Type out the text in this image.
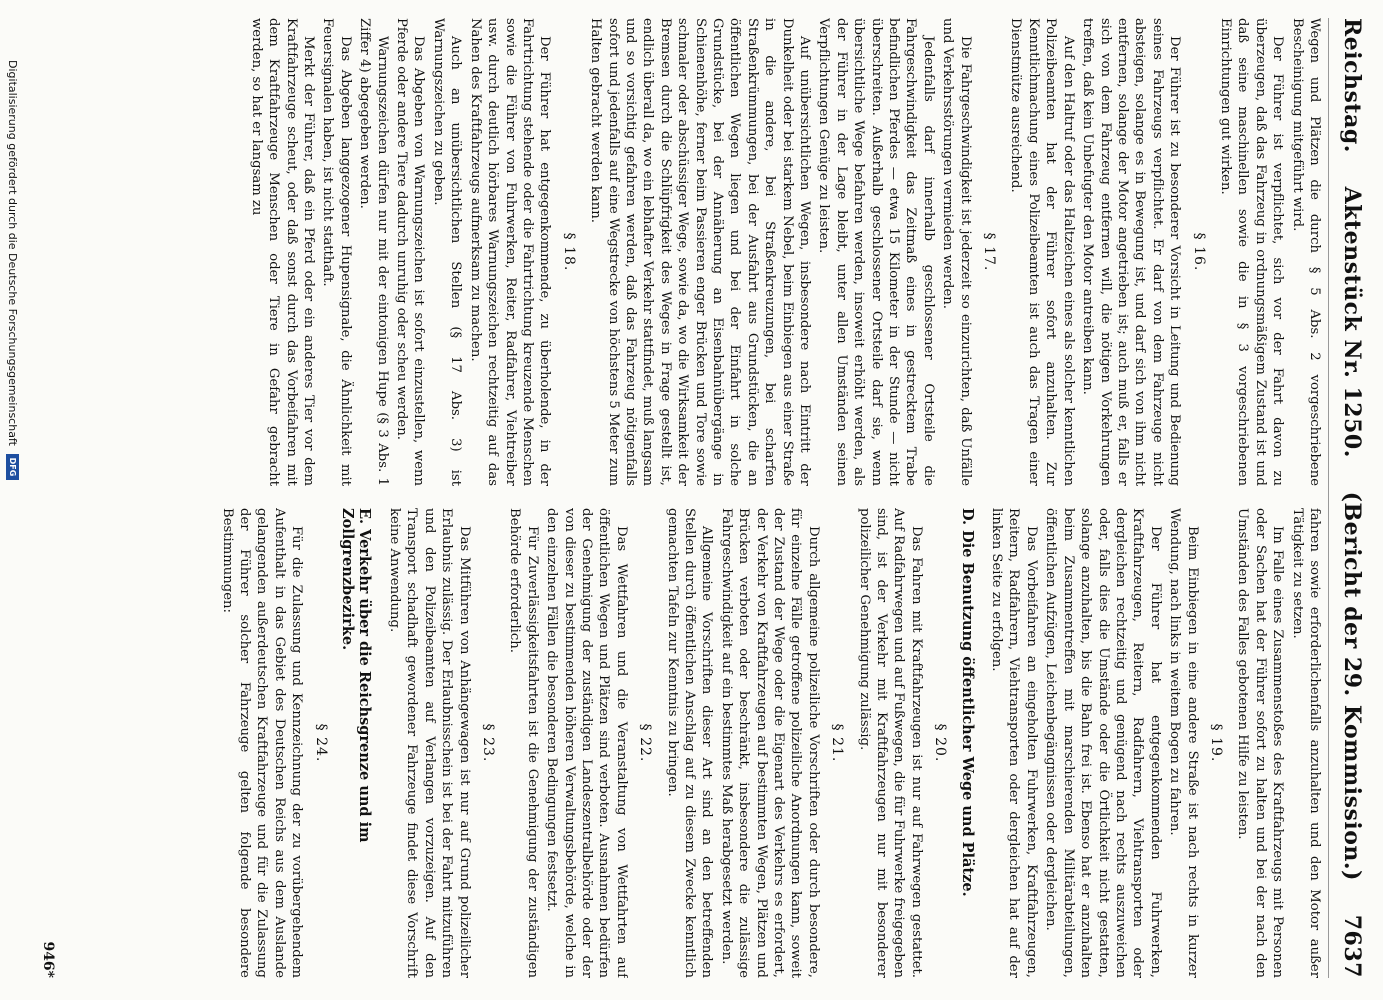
Reichstag.
Aktenstück Nr. 1250.
(Bericht der 29. Kommission.)
7637

Wegen und Plätzen die durch § 5 Abs. 2 vorgeschriebene Bescheinigung mitgeführt wird.

Der Führer ist verpflichtet, sich vor der Fahrt davon zu überzeugen, daß das Fahrzeug in ordnungsmäßigem Zustand ist und daß seine maschinellen sowie die in § 3 vorgeschriebenen Einrichtungen gut wirken.

§ 16.

Der Führer ist zu besonderer Vorsicht in Leitung und Bedienung seines Fahrzeugs verpflichtet. Er darf von dem Fahrzeuge nicht absteigen, solange es in Bewegung ist, und darf sich von ihm nicht entfernen, solange der Motor angetrieben ist; auch muß er, falls er sich von dem Fahrzeug entfernen will, die nötigen Vorkehrungen treffen, daß kein Unbefugter den Motor antreiben kann.

Auf den Haltruf oder das Haltzeichen eines als solcher kenntlichen Polizeibeamten hat der Führer sofort anzuhalten. Zur Kenntlichmachung eines Polizeibeamten ist auch das Tragen einer Dienstmütze ausreichend.

§ 17.

Die Fahrgeschwindigkeit ist jederzeit so einzurichten, daß Unfälle und Verkehrsstörungen vermieden werden.

Jedenfalls darf innerhalb geschlossener Ortsteile die Fahrgeschwindigkeit das Zeitmaß eines in gestrecktem Trabe befindlichen Pferdes — etwa 15 Kilometer in der Stunde — nicht überschreiten. Außerhalb geschlossener Ortsteile darf sie, wenn übersichtliche Wege befahren werden, insoweit erhöht werden, als der Führer in der Lage bleibt, unter allen Umständen seinen Verpflichtungen Genüge zu leisten.

Auf unübersichtlichen Wegen, insbesondere nach Eintritt der Dunkelheit oder bei starkem Nebel, beim Einbiegen aus einer Straße in die andere, bei Straßenkreuzungen, bei scharfen Straßenkrümmungen, bei der Ausfahrt aus Grundstücken, die an öffentlichen Wegen liegen und bei der Einfahrt in solche Grundstücke, bei der Annäherung an Eisenbahnübergänge in Schienenhöhe, ferner beim Passieren enger Brücken und Tore sowie schmaler oder abschüssiger Wege, sowie da, wo die Wirksamkeit der Bremsen durch die Schlüpfrigkeit des Weges in Frage gestellt ist, endlich überall da, wo ein lebhafter Verkehr stattfindet, muß langsam und so vorsichtig gefahren werden, daß das Fahrzeug nötigenfalls sofort und jedenfalls auf eine Wegstrecke von höchstens 5 Meter zum Halten gebracht werden kann.

§ 18.

Der Führer hat entgegenkommende, zu überholende, in der Fahrtrichtung stehende oder die Fahrtrichtung kreuzende Menschen sowie die Führer von Fuhrwerken, Reiter, Radfahrer, Viehtreiber usw. durch deutlich hörbares Warnungszeichen rechtzeitig auf das Nahen des Kraftfahrzeugs aufmerksam zu machen.

Auch an unübersichtlichen Stellen (§ 17 Abs. 3) ist Warnungszeichen zu geben.

Das Abgeben von Warnungszeichen ist sofort einzustellen, wenn Pferde oder andere Tiere dadurch unruhig oder scheu werden.

Warnungszeichen dürfen nur mit der eintonigen Hupe (§ 3 Abs. 1 Ziffer 4) abgegeben werden.

Das Abgeben langgezogener Hupensignale, die Ähnlichkeit mit Feuersignalen haben, ist nicht statthaft.

Merkt der Führer, daß ein Pferd oder ein anderes Tier vor dem Kraftfahrzeuge scheut, oder daß sonst durch das Vorbeifahren mit dem Kraftfahrzeuge Menschen oder Tiere in Gefahr gebracht werden, so hat er langsam zu

fahren sowie erforderlichenfalls anzuhalten und den Motor außer Tätigkeit zu setzen.

Im Falle eines Zusammenstoßes des Kraftfahrzeugs mit Personen oder Sachen hat der Führer sofort zu halten und bei der nach den Umständen des Falles gebotenen Hilfe zu leisten.

§ 19.

Beim Einbiegen in eine andere Straße ist nach rechts in kurzer Wendung, nach links in weitem Bogen zu fahren.

Der Führer hat entgegenkommenden Fuhrwerken, Kraftfahrzeugen, Reitern, Radfahrern, Viehtransporten oder dergleichen rechtzeitig und genügend nach rechts auszuweichen oder, falls dies die Umstände oder die Örtlichkeit nicht gestatten, solange anzuhalten, bis die Bahn frei ist. Ebenso hat er anzuhalten beim Zusammentreffen mit marschierenden Militärabteilungen, öffentlichen Aufzügen, Leichenbegängnissen oder dergleichen.

Das Vorbeifahren an eingeholten Fuhrwerken, Kraftfahrzeugen, Reitern, Radfahrern, Viehtransporten oder dergleichen hat auf der linken Seite zu erfolgen.

D. Die Benutzung öffentlicher Wege und Plätze.
§ 20.

Das Fahren mit Kraftfahrzeugen ist nur auf Fahrwegen gestattet. Auf Radfahrwegen und auf Fußwegen, die für Fuhrwerke freigegeben sind, ist der Verkehr mit Kraftfahrzeugen nur mit besonderer polizeilicher Genehmigung zulässig.

§ 21.

Durch allgemeine polizeiliche Vorschriften oder durch besondere, für einzelne Fälle getroffene polizeiliche Anordnungen kann, soweit der Zustand der Wege oder die Eigenart des Verkehrs es erfordert, der Verkehr von Kraftfahrzeugen auf bestimmten Wegen, Plätzen und Brücken verboten oder beschränkt, insbesondere die zulässige Fahrgeschwindigkeit auf ein bestimmtes Maß herabgesetzt werden.

Allgemeine Vorschriften dieser Art sind an den betreffenden Stellen durch öffentlichen Anschlag auf zu diesem Zwecke kenntlich gemachten Tafeln zur Kenntnis zu bringen.

§ 22.

Das Wettfahren und die Veranstaltung von Wettfahrten auf öffentlichen Wegen und Plätzen sind verboten. Ausnahmen bedürfen der Genehmigung der zuständigen Landeszentralbehörde oder der von dieser zu bestimmenden höheren Verwaltungsbehörde, welche in den einzelnen Fällen die besonderen Bedingungen festsetzt.

Für Zuverlässigkeitsfahrten ist die Genehmigung der zuständigen Behörde erforderlich.

§ 23.

Das Mitführen von Anhängewagen ist nur auf Grund polizeilicher Erlaubnis zulässig. Der Erlaubnisschein ist bei der Fahrt mitzuführen und den Polizeibeamten auf Verlangen vorzuzeigen. Auf den Transport schadhaft gewordener Fahrzeuge findet diese Vorschrift keine Anwendung.

E. Verkehr über die Reichsgrenze und im Zollgrenzbezirke.
§ 24.

Für die Zulassung und Kennzeichnung der zu vorübergehendem Aufenthalt in das Gebiet des Deutschen Reichs aus dem Auslande gelangenden außerdeutschen Kraftfahrzeuge und für die Zulassung der Führer solcher Fahrzeuge gelten folgende besondere Bestimmungen:

946*
Digitalisierung gefördert durch die Deutsche Forschungsgemeinschaft
DFG
